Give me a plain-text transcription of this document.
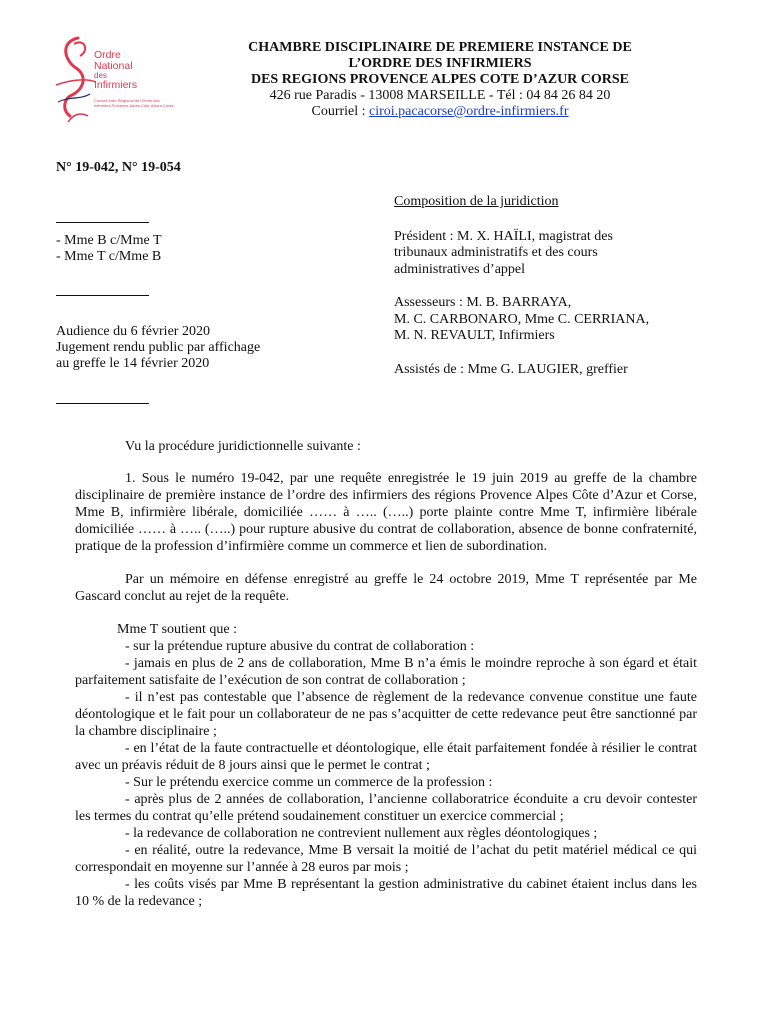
Ordre
National
des
Infirmiers
Conseil Inter-Régional de l'Ordre des Infirmiers Provence-Alpes-Côte d'Azur Corse
CHAMBRE DISCIPLINAIRE DE PREMIERE INSTANCE DE
L’ORDRE DES INFIRMIERS
DES REGIONS PROVENCE ALPES COTE D’AZUR CORSE
426 rue Paradis - 13008 MARSEILLE - Tél : 04 84 26 84 20
Courriel : ciroi.pacacorse@ordre-infirmiers.fr
N° 19-042, N° 19-054
- Mme B c/Mme T
- Mme T c/Mme B
Audience du 6 février 2020
Jugement rendu public par affichage
au greffe le 14 février 2020
Composition de la juridiction
Président : M. X. HAÏLI, magistrat des
tribunaux administratifs et des cours
administratives d’appel
Assesseurs : M. B. BARRAYA,
M. C. CARBONARO, Mme C. CERRIANA,
M. N. REVAULT, Infirmiers
Assistés de : Mme G. LAUGIER, greffier

Vu la procédure juridictionnelle suivante :

1. Sous le numéro 19-042, par une requête enregistrée le 19 juin 2019 au greffe de la chambre disciplinaire de première instance de l’ordre des infirmiers des régions Provence Alpes Côte d’Azur et Corse, Mme B, infirmière libérale, domiciliée …… à ….. (…..) porte plainte contre Mme T, infirmière libérale domiciliée …… à ….. (…..) pour rupture abusive du contrat de collaboration, absence de bonne confraternité, pratique de la profession d’infirmière comme un commerce et lien de subordination.

Par un mémoire en défense enregistré au greffe le 24 octobre 2019, Mme T représentée par Me Gascard conclut au rejet de la requête.

Mme T soutient que :

- sur la prétendue rupture abusive du contrat de collaboration :

- jamais en plus de 2 ans de collaboration, Mme B n’a émis le moindre reproche à son égard et était parfaitement satisfaite de l’exécution de son contrat de collaboration ;

- il n’est pas contestable que l’absence de règlement de la redevance convenue constitue une faute déontologique et le fait pour un collaborateur de ne pas s’acquitter de cette redevance peut être sanctionné par la chambre disciplinaire ;

- en l’état de la faute contractuelle et déontologique, elle était parfaitement fondée à résilier le contrat avec un préavis réduit de 8 jours ainsi que le permet le contrat ;

- Sur le prétendu exercice comme un commerce de la profession :

- après plus de 2 années de collaboration, l’ancienne collaboratrice éconduite a cru devoir contester les termes du contrat qu’elle prétend soudainement constituer un exercice commercial ;

- la redevance de collaboration ne contrevient nullement aux règles déontologiques ;

- en réalité, outre la redevance, Mme B versait la moitié de l’achat du petit matériel médical ce qui correspondait en moyenne sur l’année à 28 euros par mois ;

- les coûts visés par Mme B représentant la gestion administrative du cabinet étaient inclus dans les 10 % de la redevance ;
